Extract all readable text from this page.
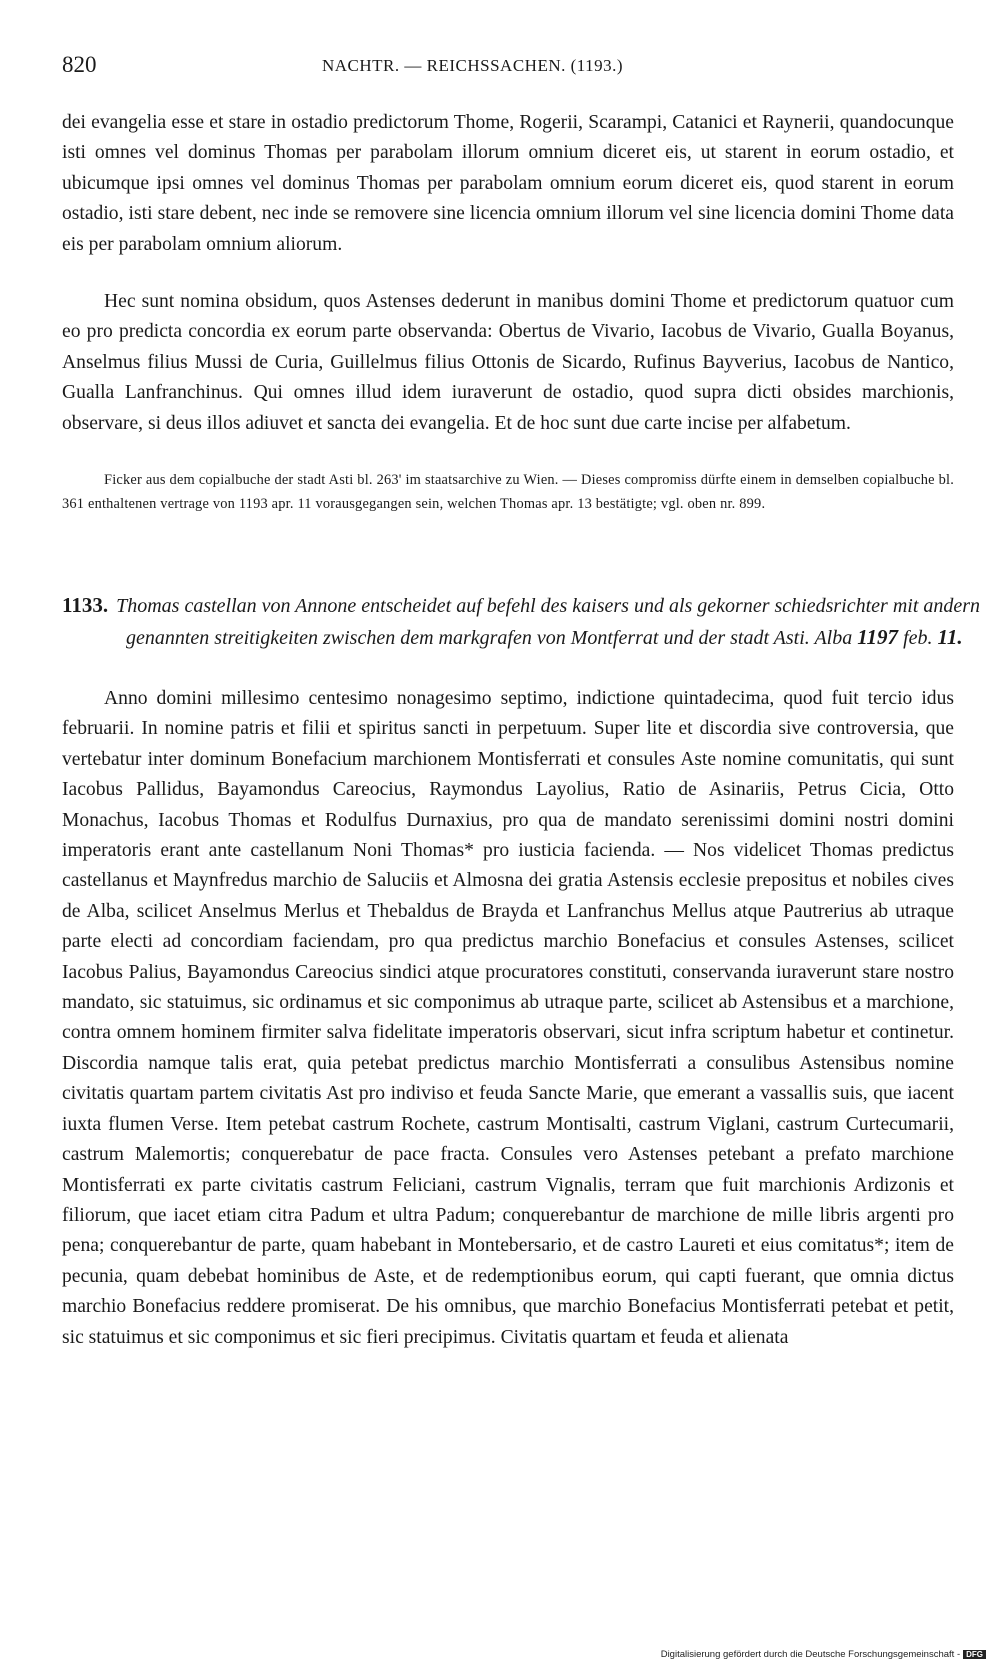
820	NACHTR. — REICHSSACHEN. (1193.)

dei evangelia esse et stare in ostadio predictorum Thome, Rogerii, Scarampi, Catanici et Raynerii, quandocunque isti omnes vel dominus Thomas per parabolam illorum omnium diceret eis, ut starent in eorum ostadio, et ubicumque ipsi omnes vel dominus Thomas per parabolam omnium eorum diceret eis, quod starent in eorum ostadio, isti stare debent, nec inde se removere sine licencia omnium illorum vel sine licencia domini Thome data eis per parabolam omnium aliorum.

Hec sunt nomina obsidum, quos Astenses dederunt in manibus domini Thome et predictorum quatuor cum eo pro predicta concordia ex eorum parte observanda: Obertus de Vivario, Iacobus de Vivario, Gualla Boyanus, Anselmus filius Mussi de Curia, Guillelmus filius Ottonis de Sicardo, Rufinus Bayverius, Iacobus de Nantico, Gualla Lanfranchinus. Qui omnes illud idem iuraverunt de ostadio, quod supra dicti obsides marchionis, observare, si deus illos adiuvet et sancta dei evangelia. Et de hoc sunt due carte incise per alfabetum.

Ficker aus dem copialbuche der stadt Asti bl. 263' im staatsarchive zu Wien. — Dieses compromiss dürfte einem in demselben copialbuche bl. 361 enthaltenen vertrage von 1193 apr. 11 vorausgegangen sein, welchen Thomas apr. 13 bestätigte; vgl. oben nr. 899.

1133. Thomas castellan von Annone entscheidet auf befehl des kaisers und als gekorner schiedsrichter mit andern genannten streitigkeiten zwischen dem markgrafen von Montferrat und der stadt Asti. Alba 1197 feb. 11.

Anno domini millesimo centesimo nonagesimo septimo, indictione quintadecima, quod fuit tercio idus februarii. In nomine patris et filii et spiritus sancti in perpetuum. Super lite et discordia sive controversia, que vertebatur inter dominum Bonefacium marchionem Montisferrati et consules Aste nomine comunitatis, qui sunt Iacobus Pallidus, Bayamondus Careocius, Raymondus Layolius, Ratio de Asinariis, Petrus Cicia, Otto Monachus, Iacobus Thomas et Rodulfus Durnaxius, pro qua de mandato serenissimi domini nostri domini imperatoris erant ante castellanum Noni Thomas* pro iusticia facienda. — Nos videlicet Thomas predictus castellanus et Maynfredus marchio de Saluciis et Almosna dei gratia Astensis ecclesie prepositus et nobiles cives de Alba, scilicet Anselmus Merlus et Thebaldus de Brayda et Lanfranchus Mellus atque Pautrerius ab utraque parte electi ad concordiam faciendam, pro qua predictus marchio Bonefacius et consules Astenses, scilicet Iacobus Palius, Bayamondus Careocius sindici atque procuratores constituti, conservanda iuraverunt stare nostro mandato, sic statuimus, sic ordinamus et sic componimus ab utraque parte, scilicet ab Astensibus et a marchione, contra omnem hominem firmiter salva fidelitate imperatoris observari, sicut infra scriptum habetur et continetur. Discordia namque talis erat, quia petebat predictus marchio Montisferrati a consulibus Astensibus nomine civitatis quartam partem civitatis Ast pro indiviso et feuda Sancte Marie, que emerant a vassallis suis, que iacent iuxta flumen Verse. Item petebat castrum Rochete, castrum Montisalti, castrum Viglani, castrum Curtecumarii, castrum Malemortis; conquerebatur de pace fracta. Consules vero Astenses petebant a prefato marchione Montisferrati ex parte civitatis castrum Feliciani, castrum Vignalis, terram que fuit marchionis Ardizonis et filiorum, que iacet etiam citra Padum et ultra Padum; conquerebantur de marchione de mille libris argenti pro pena; conquerebantur de parte, quam habebant in Montebersario, et de castro Laureti et eius comitatus*; item de pecunia, quam debebat hominibus de Aste, et de redemptionibus eorum, qui capti fuerant, que omnia dictus marchio Bonefacius reddere promiserat. De his omnibus, que marchio Bonefacius Montisferrati petebat et petit, sic statuimus et sic componimus et sic fieri precipimus. Civitatis quartam et feuda et alienata

Digitalisierung gefördert durch die Deutsche Forschungsgemeinschaft - DFG
